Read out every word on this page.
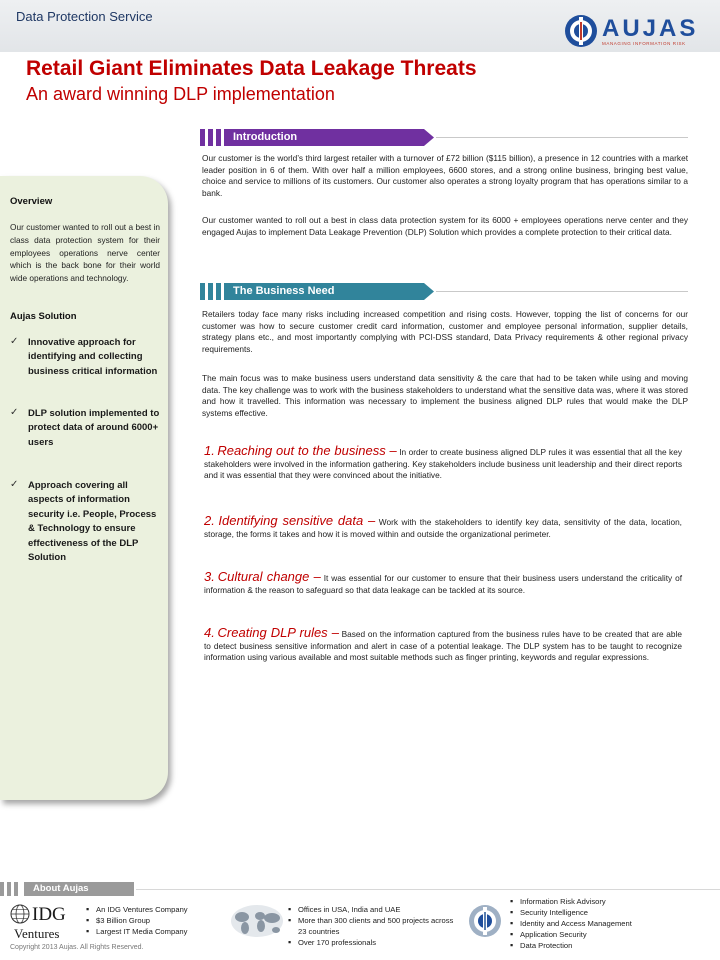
Data Protection Service	AUJAS
MANAGING INFORMATION RISK
Retail Giant Eliminates Data Leakage Threats
An award winning DLP implementation
Introduction

Our customer is the world’s third largest retailer with a turnover of £72 billion ($115 billion), a presence in 12 countries with a market leader position in 6 of them. With over half a million employees, 6600 stores, and a strong online business, bringing best value, choice and service to millions of its customers. Our customer also operates a strong loyalty program that has operations similar to a bank.

Our customer wanted to roll out a best in class data protection system for its 6000 + employees operations nerve center and they engaged Aujas to implement Data Leakage Prevention (DLP) Solution which provides a complete protection to their critical data.

The Business Need

Retailers today face many risks including increased competition and rising costs. However, topping the list of concerns for our customer was how to secure customer credit card information, customer and employee personal information, supplier details, strategy plans etc., and most importantly complying with PCI-DSS standard, Data Privacy requirements & other regional privacy requirements.

The main focus was to make business users understand data sensitivity & the care that had to be taken while using and moving data. The key challenge was to work with the business stakeholders to understand what the sensitive data was, where it was stored and how it travelled. This information was necessary to implement the business aligned DLP rules that would make the DLP systems effective.

1. Reaching out to the business – In order to create business aligned DLP rules it was essential that all the key stakeholders were involved in the information gathering. Key stakeholders include business unit leadership and their direct reports and it was essential that they were convinced about the initiative.
2. Identifying sensitive data – Work with the stakeholders to identify key data, sensitivity of the data, location, storage, the forms it takes and how it is moved within and outside the organizational perimeter.
3. Cultural change – It was essential for our customer to ensure that their business users understand the criticality of information & the reason to safeguard so that data leakage can be tackled at its source.
4. Creating DLP rules – Based on the information captured from the business rules have to be created that are able to detect business sensitive information and alert in case of a potential leakage. The DLP system has to be taught to recognize information using various available and most suitable methods such as finger printing, keywords and regular expressions.
Overview

Our customer wanted to roll out a best in class data protection system for their employees operations nerve center which is the back bone for their world wide operations and technology.

Aujas Solution
✓ Innovative approach for identifying and collecting business critical information
✓ DLP solution implemented to protect data of around 6000+ users
✓ Approach covering all aspects of information security i.e. People, Process & Technology to ensure effectiveness of the DLP Solution
About Aujas
IDG
Ventures
▪ An IDG Ventures Company
▪ $3 Billion Group
▪ Largest IT Media Company
▪ Offices in USA, India and UAE
▪ More than 300 clients and 500 projects across 23 countries
▪ Over 170 professionals
▪ Information Risk Advisory
▪ Security Intelligence
▪ Identity and Access Management
▪ Application Security
▪ Data Protection
Copyright 2013 Aujas. All Rights Reserved.
